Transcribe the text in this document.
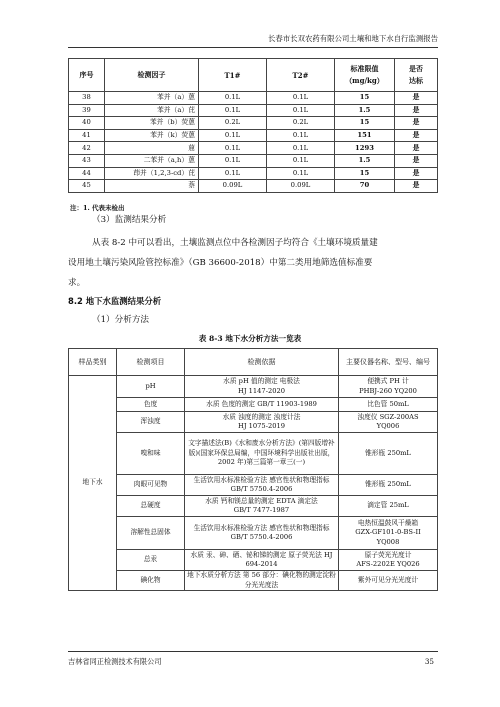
长春市长双农药有限公司土壤和地下水自行监测报告
序号	检测因子	T1#	T2#	标准限值
（mg/kg）	是否
达标
38	苯并（a）蒽	0.1L	0.1L	15	是
39	苯并（a）芘	0.1L	0.1L	1.5	是
40	苯并（b）荧蒽	0.2L	0.2L	15	是
41	苯并（k）荧蒽	0.1L	0.1L	151	是
42	䓛	0.1L	0.1L	1293	是
43	二苯并（a,h）蒽	0.1L	0.1L	1.5	是
44	茚并（1,2,3-cd）芘	0.1L	0.1L	15	是
45	萘	0.09L	0.09L	70	是
注：1. 代表未检出
（3）监测结果分析
从表 8-2 中可以看出，土壤监测点位中各检测因子均符合《土壤环境质量建
设用地土壤污染风险管控标准》（GB 36600-2018）中第二类用地筛选值标准要
求。
8.2 地下水监测结果分析
（1）分析方法
表 8-3 地下水分析方法一览表
样品类别	检测项目	检测依据	主要仪器名称、型号、编号
地下水	pH	水质 pH 值的测定 电极法
HJ 1147-2020	便携式 PH 计
PHBJ-260 YQ200
	色度	水质 色度的测定 GB/T 11903-1989	比色管 50mL
	浑浊度	水质 浊度的测定 浊度计法
HJ 1075-2019	浊度仪 SGZ-200AS
YQ006
	嗅和味	文字描述法(B)《水和废水分析方法》(第四版增补版)(国家环保总局编，中国环境科学出版社出版，2002 年)第三篇第一章三(一)	锥形瓶 250mL
	肉眼可见物	生活饮用水标准检验方法 感官性状和物理指标 GB/T 5750.4-2006	锥形瓶 250mL
	总硬度	水质 钙和镁总量的测定 EDTA 滴定法
GB/T 7477-1987	滴定管 25mL
	溶解性总固体	生活饮用水标准检验方法 感官性状和物理指标 GB/T 5750.4-2006	电热恒温鼓风干燥箱
GZX-GF101-0-BS-II
YQ008
	总汞	水质 汞、砷、硒、铋和锑的测定 原子荧光法 HJ 694-2014	原子荧光光度计
AFS-2202E YQ026
	碘化物	地下水质分析方法 第 56 部分：碘化物的测定淀粉分光光度法	紫外可见分光光度计
吉林省同正检测技术有限公司	35
